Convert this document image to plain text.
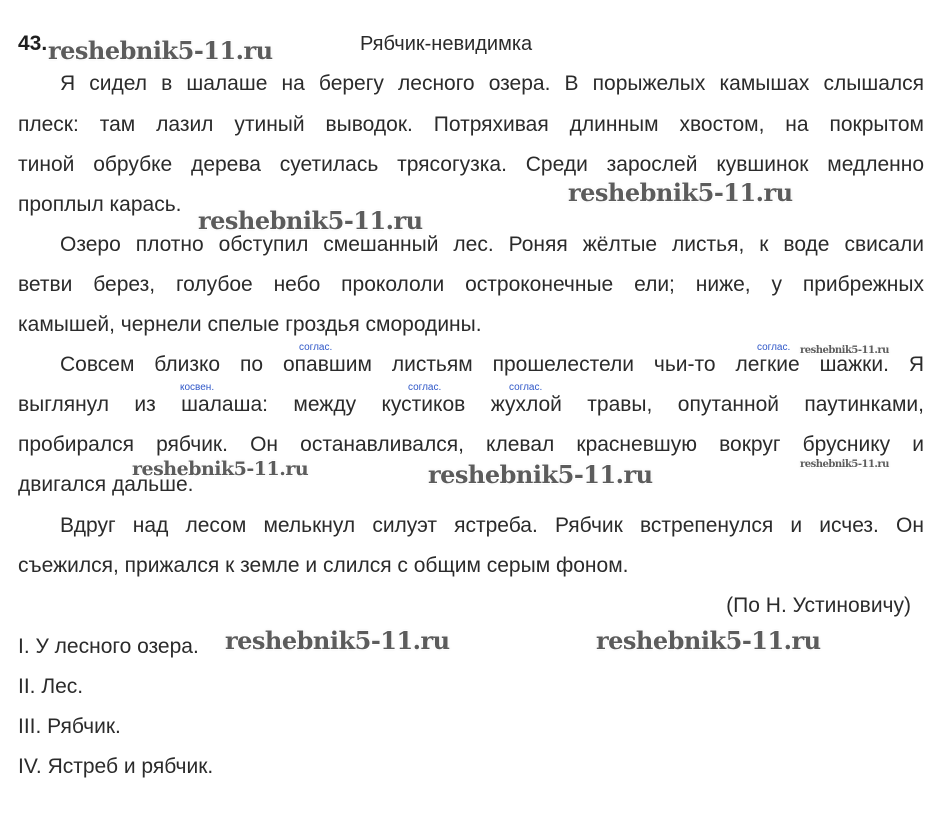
43.	Рябчик-невидимка
Я сидел в шалаше на берегу лесного озера. В порыжелых камышах слышался
плеск: там лазил утиный выводок. Потряхивая длинным хвостом, на покрытом
тиной обрубке дерева суетилась трясогузка. Среди зарослей кувшинок медленно
проплыл карась.
Озеро плотно обступил смешанный лес. Роняя жёлтые листья, к воде свисали
ветви берез, голубое небо прокололи остроконечные ели; ниже, у прибрежных
камышей, чернели спелые гроздья смородины.
Совсем близко по опавшим листьям прошелестели чьи-то легкие шажки. Я
выглянул из шалаша: между кустиков жухлой травы, опутанной паутинками,
пробирался рябчик. Он останавливался, клевал красневшую вокруг бруснику и
двигался дальше.
Вдруг над лесом мелькнул силуэт ястреба. Рябчик встрепенулся и исчез. Он
съежился, прижался к земле и слился с общим серым фоном.
(По Н. Устиновичу)
I. У лесного озера.
II. Лес.
III. Рябчик.
IV. Ястреб и рябчик.
соглас.	соглас.
косвен.	соглас.	соглас.
reshebnik5-11.ru
reshebnik5-11.ru
reshebnik5-11.ru
reshebnik5-11.ru
reshebnik5-11.ru	reshebnik5-11.ru	reshebnik5-11.ru
reshebnik5-11.ru	reshebnik5-11.ru
